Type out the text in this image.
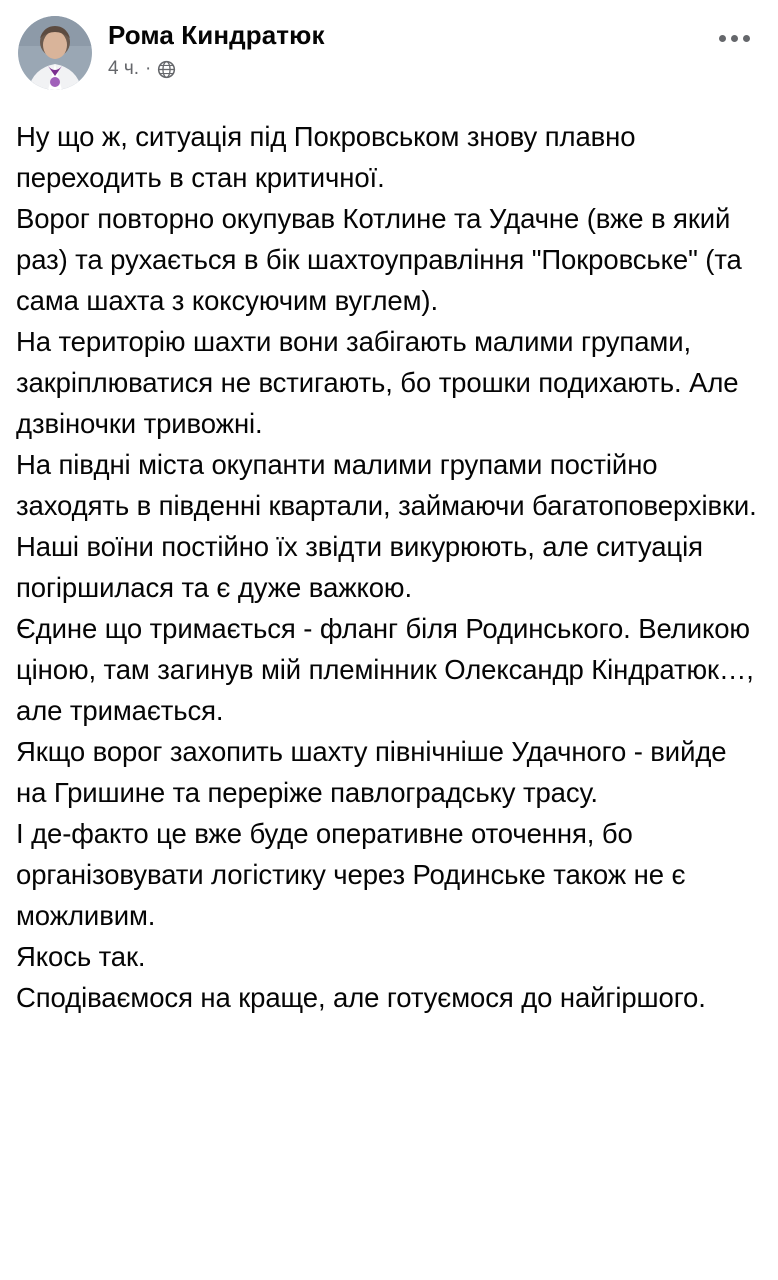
Рома Киндратюк
4 ч. ·
Ну що ж, ситуація під Покровськом знову плавно переходить в стан критичної.
Ворог повторно окупував Котлине та Удачне (вже в який раз) та рухається в бік шахтоуправління "Покровське" (та сама шахта з коксуючим вуглем).
На територію шахти вони забігають малими групами, закріплюватися не встигають, бо трошки подихають. Але дзвіночки тривожні.
На півдні міста окупанти малими групами постійно заходять в південні квартали, займаючи багатоповерхівки.
Наші воїни постійно їх звідти викурюють, але ситуація погіршилася та є дуже важкою.
Єдине що тримається - фланг біля Родинського. Великою ціною, там загинув мій племінник Олександр Кіндратюк…, але тримається.
Якщо ворог захопить шахту північніше Удачного - вийде на Гришине та переріже павлоградську трасу.
І де-факто це вже буде оперативне оточення, бо організовувати логістику через Родинське також не є можливим.
Якось так.
Сподіваємося на краще, але готуємося до найгіршого.
